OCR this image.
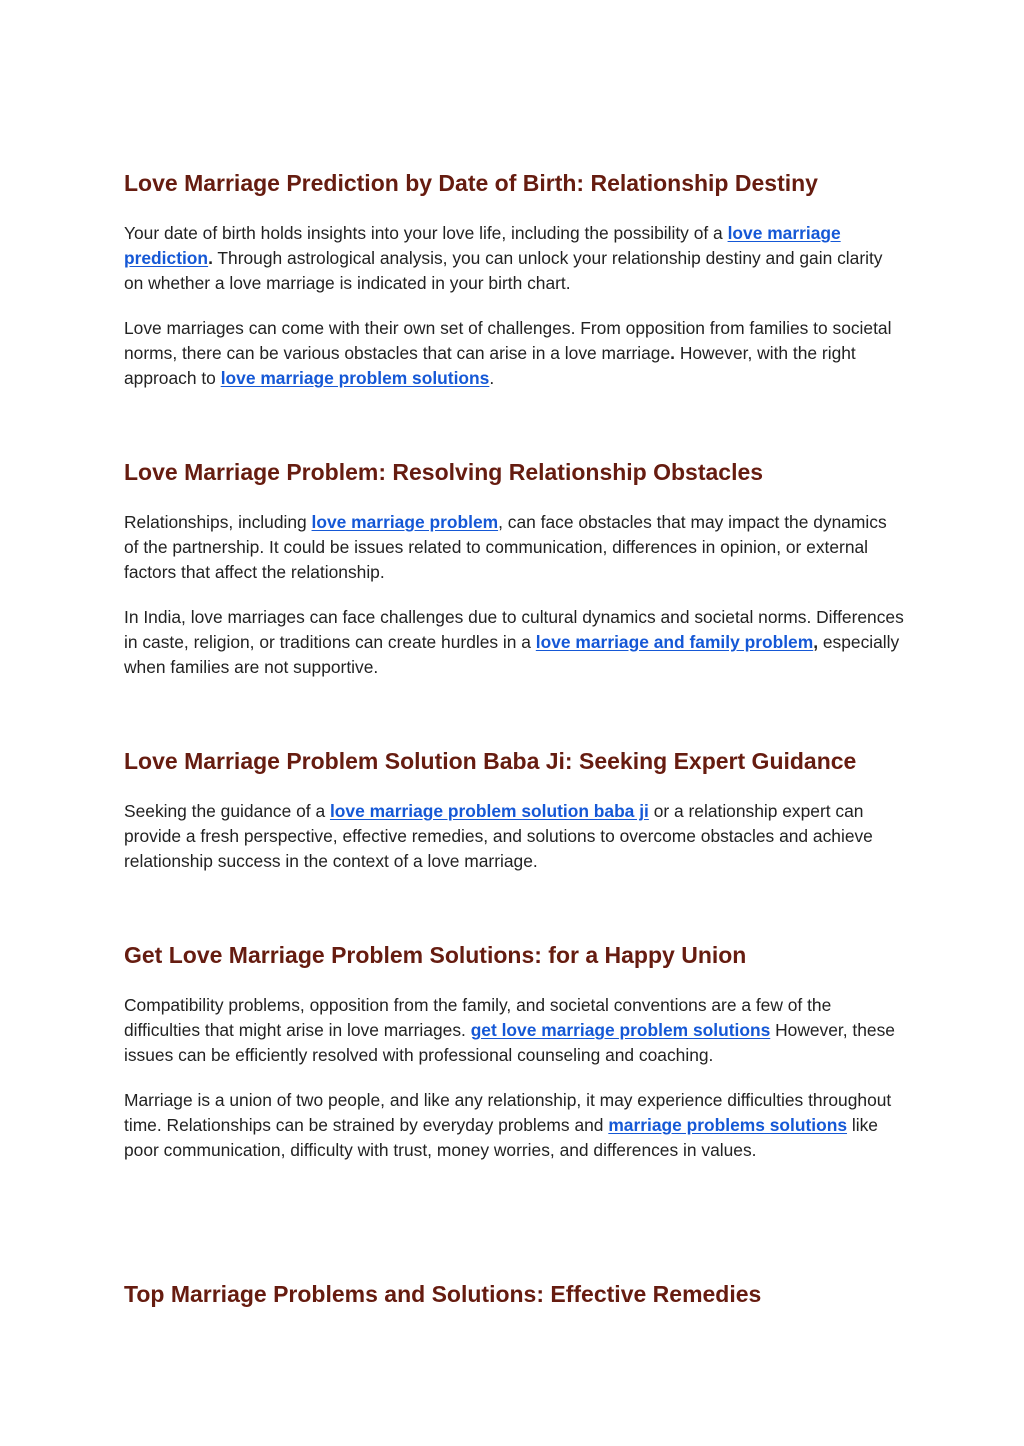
Love Marriage Prediction by Date of Birth: Relationship Destiny

Your date of birth holds insights into your love life, including the possibility of a love marriage prediction. Through astrological analysis, you can unlock your relationship destiny and gain clarity on whether a love marriage is indicated in your birth chart.

Love marriages can come with their own set of challenges. From opposition from families to societal norms, there can be various obstacles that can arise in a love marriage. However, with the right approach to love marriage problem solutions.

Love Marriage Problem: Resolving Relationship Obstacles

Relationships, including love marriage problem, can face obstacles that may impact the dynamics of the partnership. It could be issues related to communication, differences in opinion, or external factors that affect the relationship.

In India, love marriages can face challenges due to cultural dynamics and societal norms. Differences in caste, religion, or traditions can create hurdles in a love marriage and family problem, especially when families are not supportive.

Love Marriage Problem Solution Baba Ji: Seeking Expert Guidance

Seeking the guidance of a love marriage problem solution baba ji or a relationship expert can provide a fresh perspective, effective remedies, and solutions to overcome obstacles and achieve relationship success in the context of a love marriage.

Get Love Marriage Problem Solutions: for a Happy Union

Compatibility problems, opposition from the family, and societal conventions are a few of the difficulties that might arise in love marriages. get love marriage problem solutions However, these issues can be efficiently resolved with professional counseling and coaching.

Marriage is a union of two people, and like any relationship, it may experience difficulties throughout time. Relationships can be strained by everyday problems and marriage problems solutions like poor communication, difficulty with trust, money worries, and differences in values.

Top Marriage Problems and Solutions: Effective Remedies
